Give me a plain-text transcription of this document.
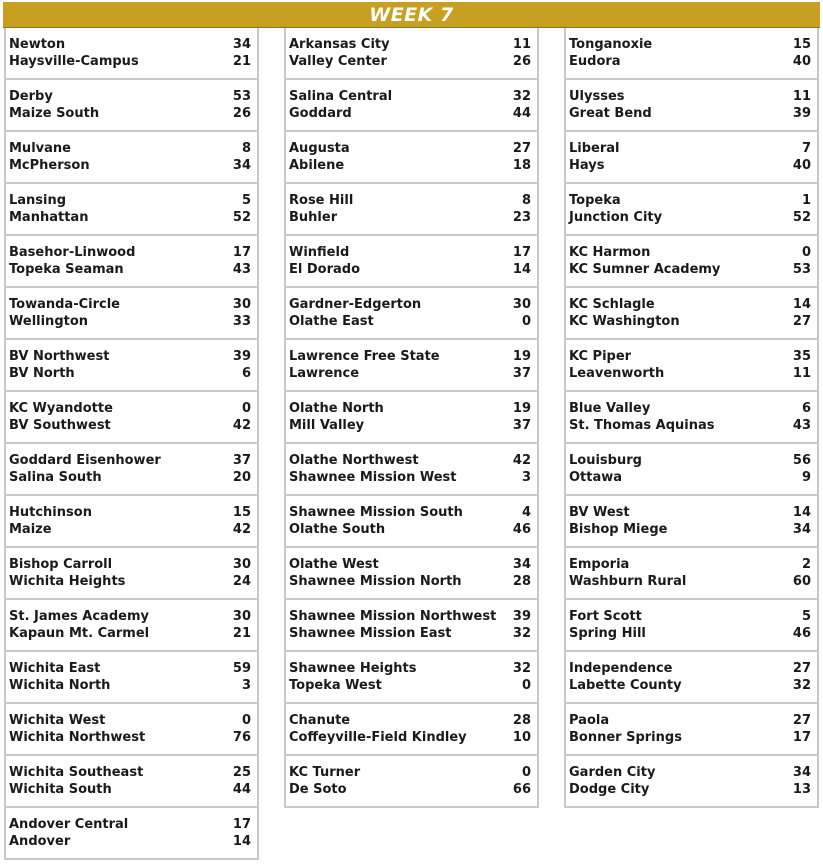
WEEK 7
Newton	34
Haysville-Campus	21
Derby	53
Maize South	26
Mulvane	8
McPherson	34
Lansing	5
Manhattan	52
Basehor-Linwood	17
Topeka Seaman	43
Towanda-Circle	30
Wellington	33
BV Northwest	39
BV North	6
KC Wyandotte	0
BV Southwest	42
Goddard Eisenhower	37
Salina South	20
Hutchinson	15
Maize	42
Bishop Carroll	30
Wichita Heights	24
St. James Academy	30
Kapaun Mt. Carmel	21
Wichita East	59
Wichita North	3
Wichita West	0
Wichita Northwest	76
Wichita Southeast	25
Wichita South	44
Andover Central	17
Andover	14
Arkansas City	11
Valley Center	26
Salina Central	32
Goddard	44
Augusta	27
Abilene	18
Rose Hill	8
Buhler	23
Winfield	17
El Dorado	14
Gardner-Edgerton	30
Olathe East	0
Lawrence Free State	19
Lawrence	37
Olathe North	19
Mill Valley	37
Olathe Northwest	42
Shawnee Mission West	3
Shawnee Mission South	4
Olathe South	46
Olathe West	34
Shawnee Mission North	28
Shawnee Mission Northwest 39
Shawnee Mission East	32
Shawnee Heights	32
Topeka West	0
Chanute	28
Coffeyville-Field Kindley	10
KC Turner	0
De Soto	66
Tonganoxie	15
Eudora	40
Ulysses	11
Great Bend	39
Liberal	7
Hays	40
Topeka	1
Junction City	52
KC Harmon	0
KC Sumner Academy	53
KC Schlagle	14
KC Washington	27
KC Piper	35
Leavenworth	11
Blue Valley	6
St. Thomas Aquinas	43
Louisburg	56
Ottawa	9
BV West	14
Bishop Miege	34
Emporia	2
Washburn Rural	60
Fort Scott	5
Spring Hill	46
Independence	27
Labette County	32
Paola	27
Bonner Springs	17
Garden City	34
Dodge City	13
